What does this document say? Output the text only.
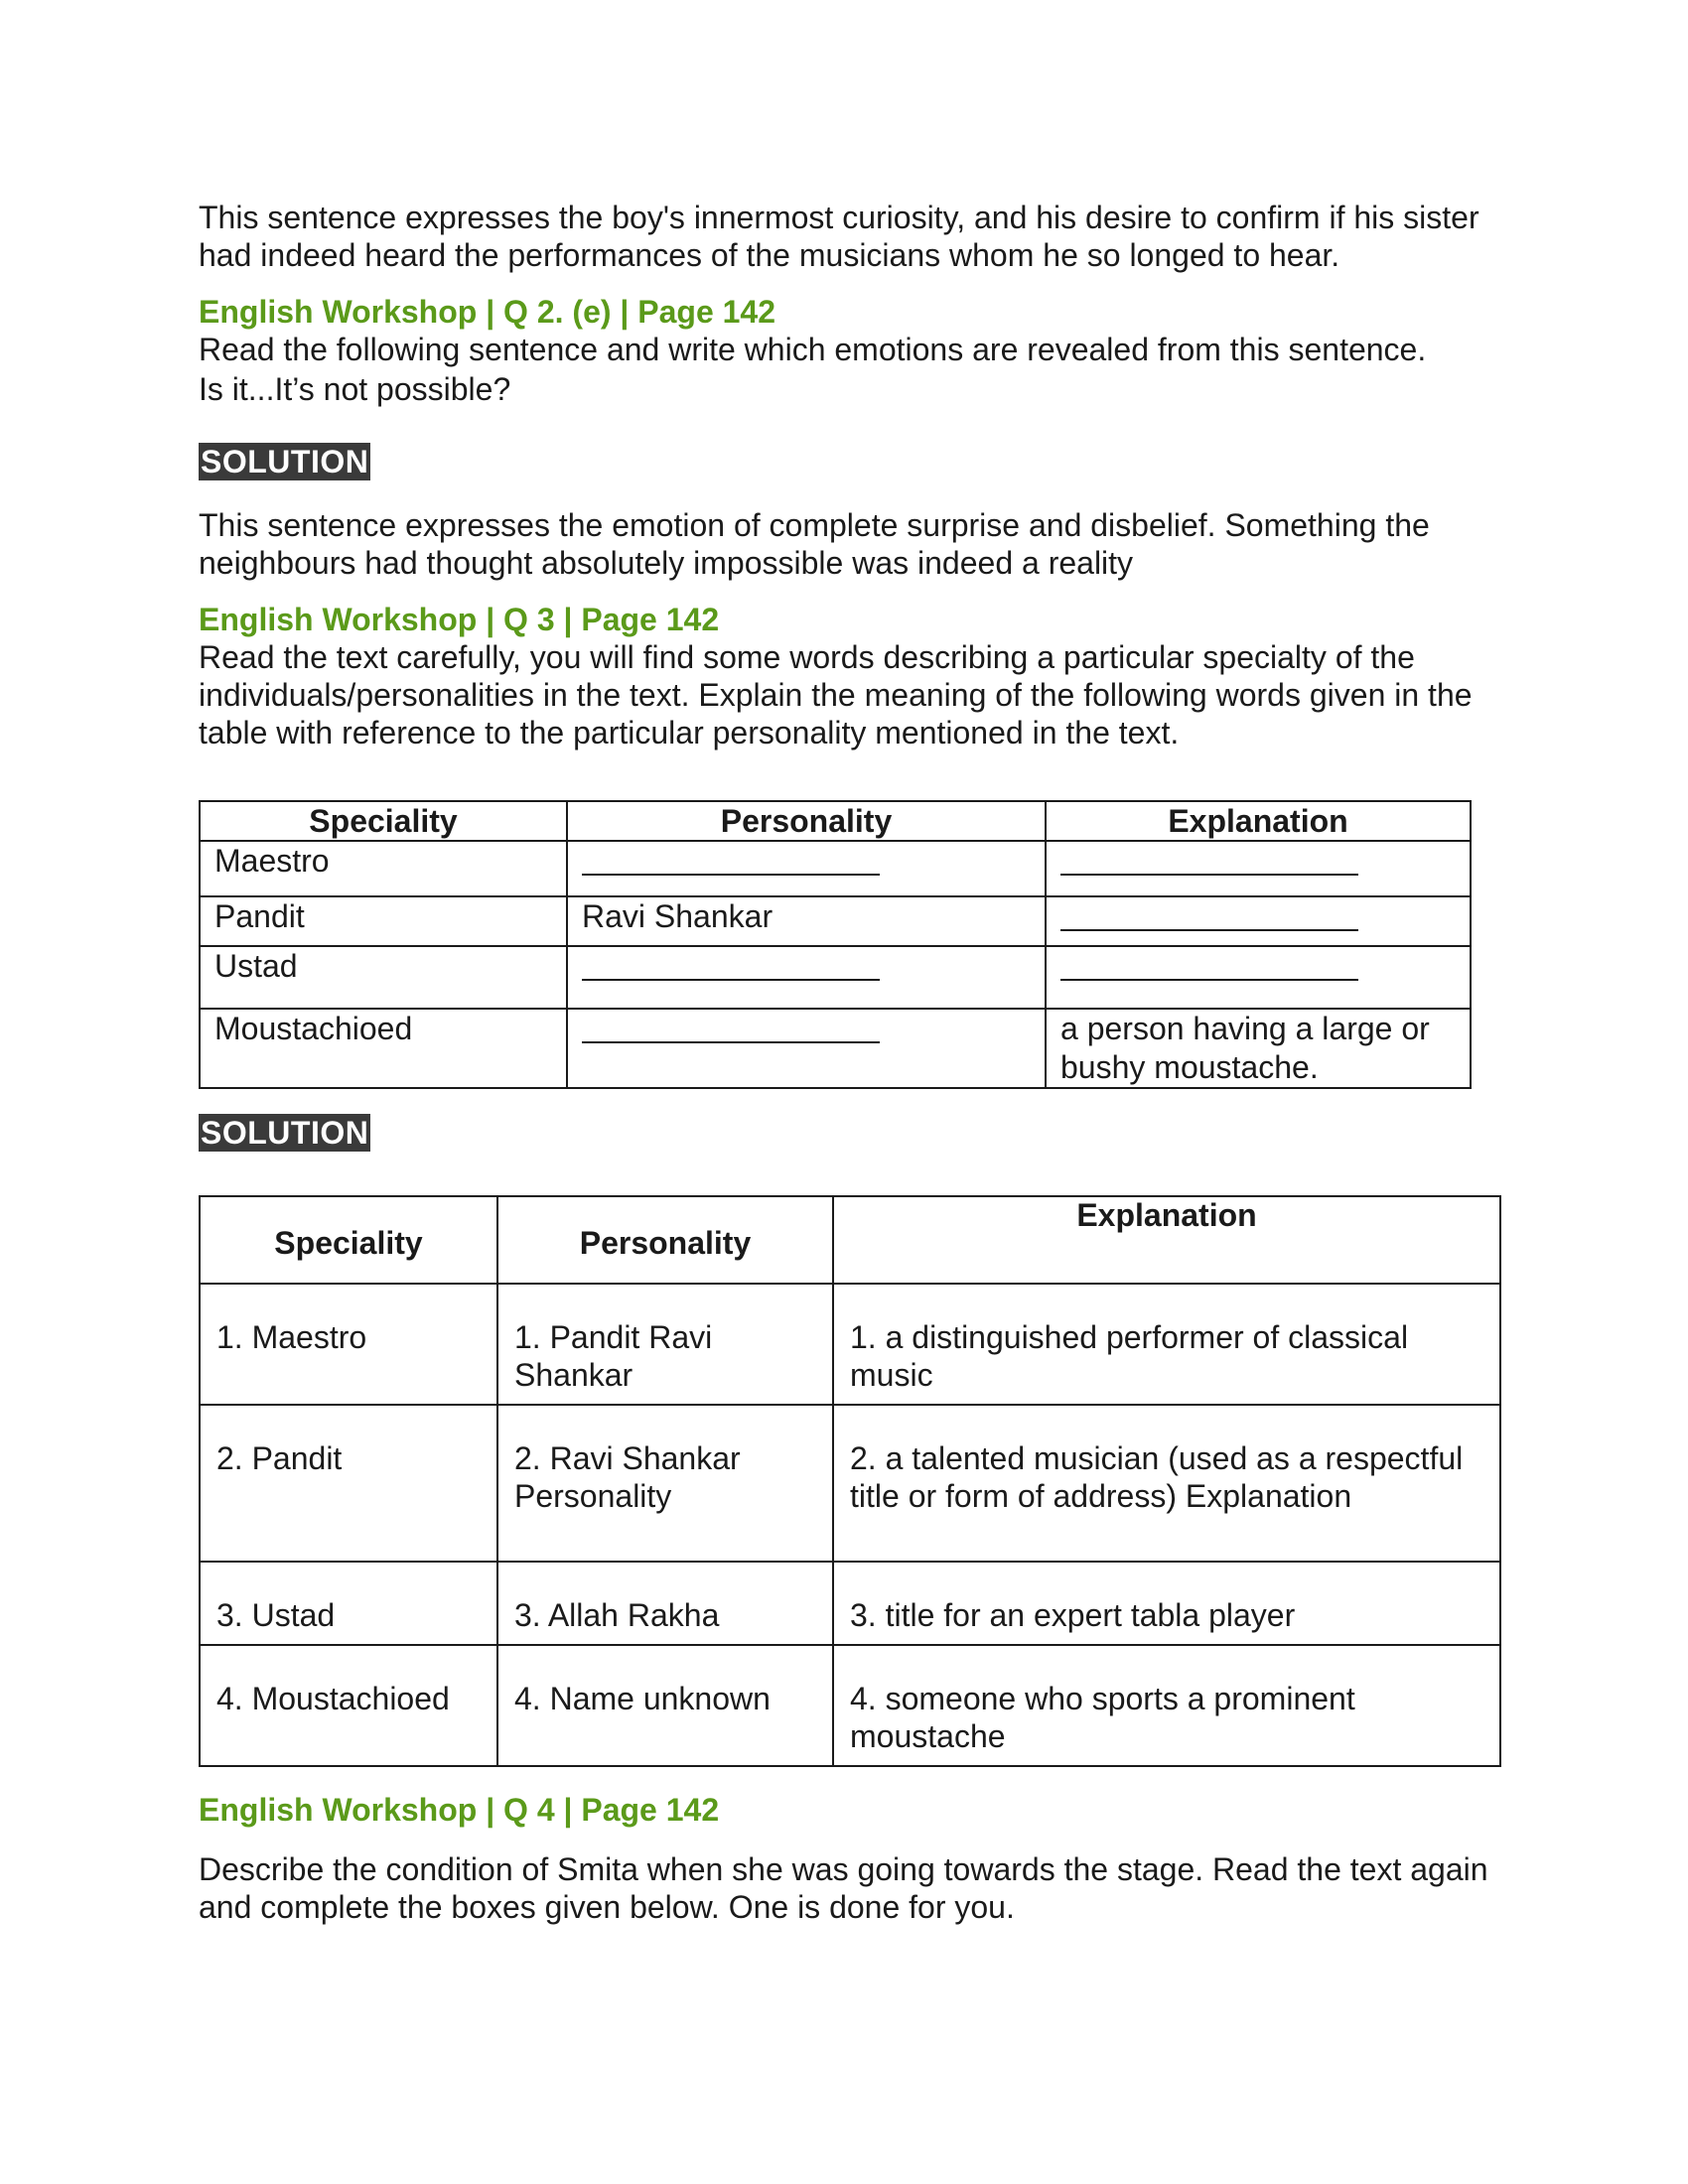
This sentence expresses the boy's innermost curiosity, and his desire to confirm if his sister had indeed heard the performances of the musicians whom he so longed to hear.

English Workshop | Q 2. (e) | Page 142

Read the following sentence and write which emotions are revealed from this sentence.

Is it...It’s not possible?

SOLUTION

This sentence expresses the emotion of complete surprise and disbelief. Something the neighbours had thought absolutely impossible was indeed a reality

English Workshop | Q 3 | Page 142

Read the text carefully, you will find some words describing a particular specialty of the individuals/personalities in the text. Explain the meaning of the following words given in the table with reference to the particular personality mentioned in the text.

Speciality	Personality	Explanation
Maestro		
Pandit	Ravi Shankar	
Ustad		
Moustachioed		a person having a large or bushy moustache.
SOLUTION
Speciality	Personality	Explanation
1. Maestro	1. Pandit Ravi Shankar	1. a distinguished performer of classical music
2. Pandit	2. Ravi Shankar Personality	2. a talented musician (used as a respectful title or form of address) Explanation
3. Ustad	3. Allah Rakha	3. title for an expert tabla player
4. Moustachioed	4. Name unknown	4. someone who sports a prominent moustache
English Workshop | Q 4 | Page 142

Describe the condition of Smita when she was going towards the stage. Read the text again and complete the boxes given below. One is done for you.
